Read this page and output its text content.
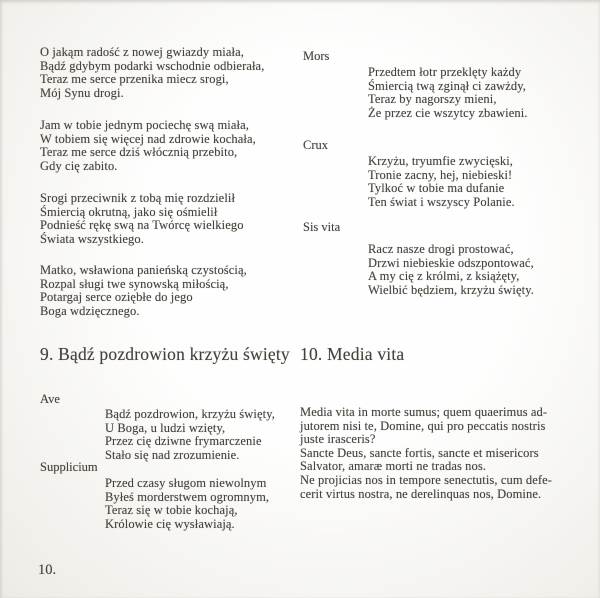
O jakąm radość z nowej gwiazdy miała,
Bądź gdybym podarki wschodnie odbierała,
Teraz me serce przenika miecz srogi,
Mój Synu drogi.
Jam w tobie jednym pociechę swą miała,
W tobiem się więcej nad zdrowie kochała,
Teraz me serce dziś włócznią przebito,
Gdy cię zabito.
Srogi przeciwnik z tobą mię rozdzielił
Śmiercią okrutną, jako się ośmielił
Podnieść rękę swą na Twórcę wielkiego
Świata wszystkiego.
Matko, wsławiona panieńską czystością,
Rozpal sługi twe synowską miłością,
Potargaj serce oziębłe do jego
Boga wdzięcznego.
9. Bądź pozdrowion krzyżu święty
Ave
Bądź pozdrowion, krzyżu święty,
U Boga, u ludzi wzięty,
Przez cię dziwne frymarczenie
Stało się nad zrozumienie.
Supplicium
Przed czasy sługom niewolnym
Byłeś morderstwem ogromnym,
Teraz się w tobie kochają,
Królowie cię wysławiają.
10.
Mors
Przedtem łotr przeklęty każdy
Śmiercią twą zginął ci zawżdy,
Teraz by nagorszy mieni,
Że przez cie wszytcy zbawieni.
Crux
Krzyżu, tryumfie zwycięski,
Tronie zacny, hej, niebieski!
Tylkoć w tobie ma dufanie
Ten świat i wszyscy Polanie.
Sis vita
Racz nasze drogi prostować,
Drzwi niebieskie odszpontować,
A my cię z królmi, z książęty,
Wielbić będziem, krzyżu święty.
10. Media vita
Media vita in morte sumus; quem quaerimus ad-
jutorem nisi te, Domine, qui pro peccatis nostris
juste irasceris?
Sancte Deus, sancte fortis, sancte et misericors
Salvator, amaræ morti ne tradas nos.
Ne projicias nos in tempore senectutis, cum defe-
cerit virtus nostra, ne derelinquas nos, Domine.
